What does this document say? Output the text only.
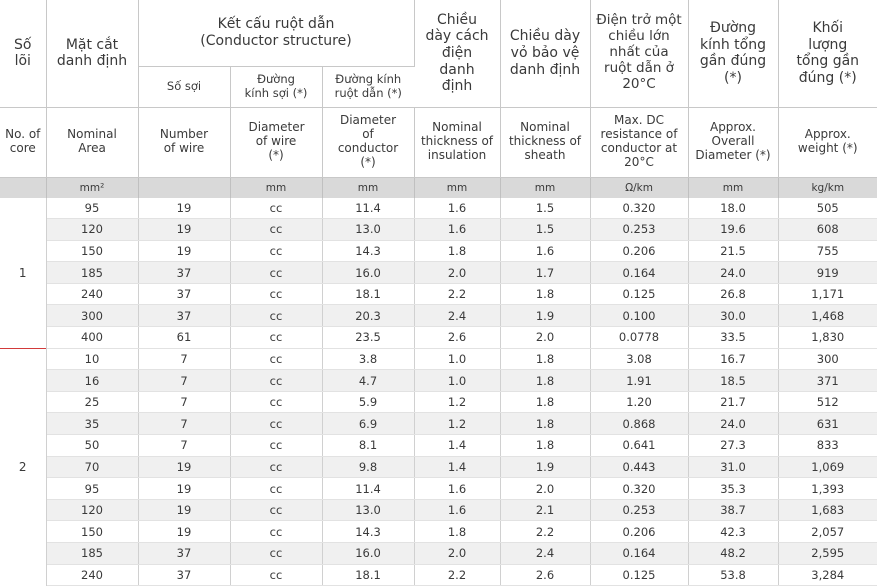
Số lõi	Mặt cắt danh định	Kết cấu ruột dẫn (Conductor structure)			Chiều dày cách điện danh định	Chiều dày vỏ bảo vệ danh định	Điện trở một chiều lớn nhất của ruột dẫn ở 20°C	Đường kính tổng gần đúng (*)	Khối lượng tổng gần đúng (*)
		Số sợi	Đường kính sợi (*)	Đường kính ruột dẫn (*)					
No. of core	Nominal Area	Number of wire	Diameter of wire (*)	Diameter of conductor (*)	Nominal thickness of insulation	Nominal thickness of sheath	Max. DC resistance of conductor at 20°C	Approx. Overall Diameter (*)	Approx. weight (*)
	mm²		mm	mm	mm	mm	Ω/km	mm	kg/km
1	95	19	cc	11.4	1.6	1.5	0.320	18.0	505
	120	19	cc	13.0	1.6	1.5	0.253	19.6	608
	150	19	cc	14.3	1.8	1.6	0.206	21.5	755
	185	37	cc	16.0	2.0	1.7	0.164	24.0	919
	240	37	cc	18.1	2.2	1.8	0.125	26.8	1,171
	300	37	cc	20.3	2.4	1.9	0.100	30.0	1,468
	400	61	cc	23.5	2.6	2.0	0.0778	33.5	1,830
2	10	7	cc	3.8	1.0	1.8	3.08	16.7	300
	16	7	cc	4.7	1.0	1.8	1.91	18.5	371
	25	7	cc	5.9	1.2	1.8	1.20	21.7	512
	35	7	cc	6.9	1.2	1.8	0.868	24.0	631
	50	7	cc	8.1	1.4	1.8	0.641	27.3	833
	70	19	cc	9.8	1.4	1.9	0.443	31.0	1,069
	95	19	cc	11.4	1.6	2.0	0.320	35.3	1,393
	120	19	cc	13.0	1.6	2.1	0.253	38.7	1,683
	150	19	cc	14.3	1.8	2.2	0.206	42.3	2,057
	185	37	cc	16.0	2.0	2.4	0.164	48.2	2,595
	240	37	cc	18.1	2.2	2.6	0.125	53.8	3,284
